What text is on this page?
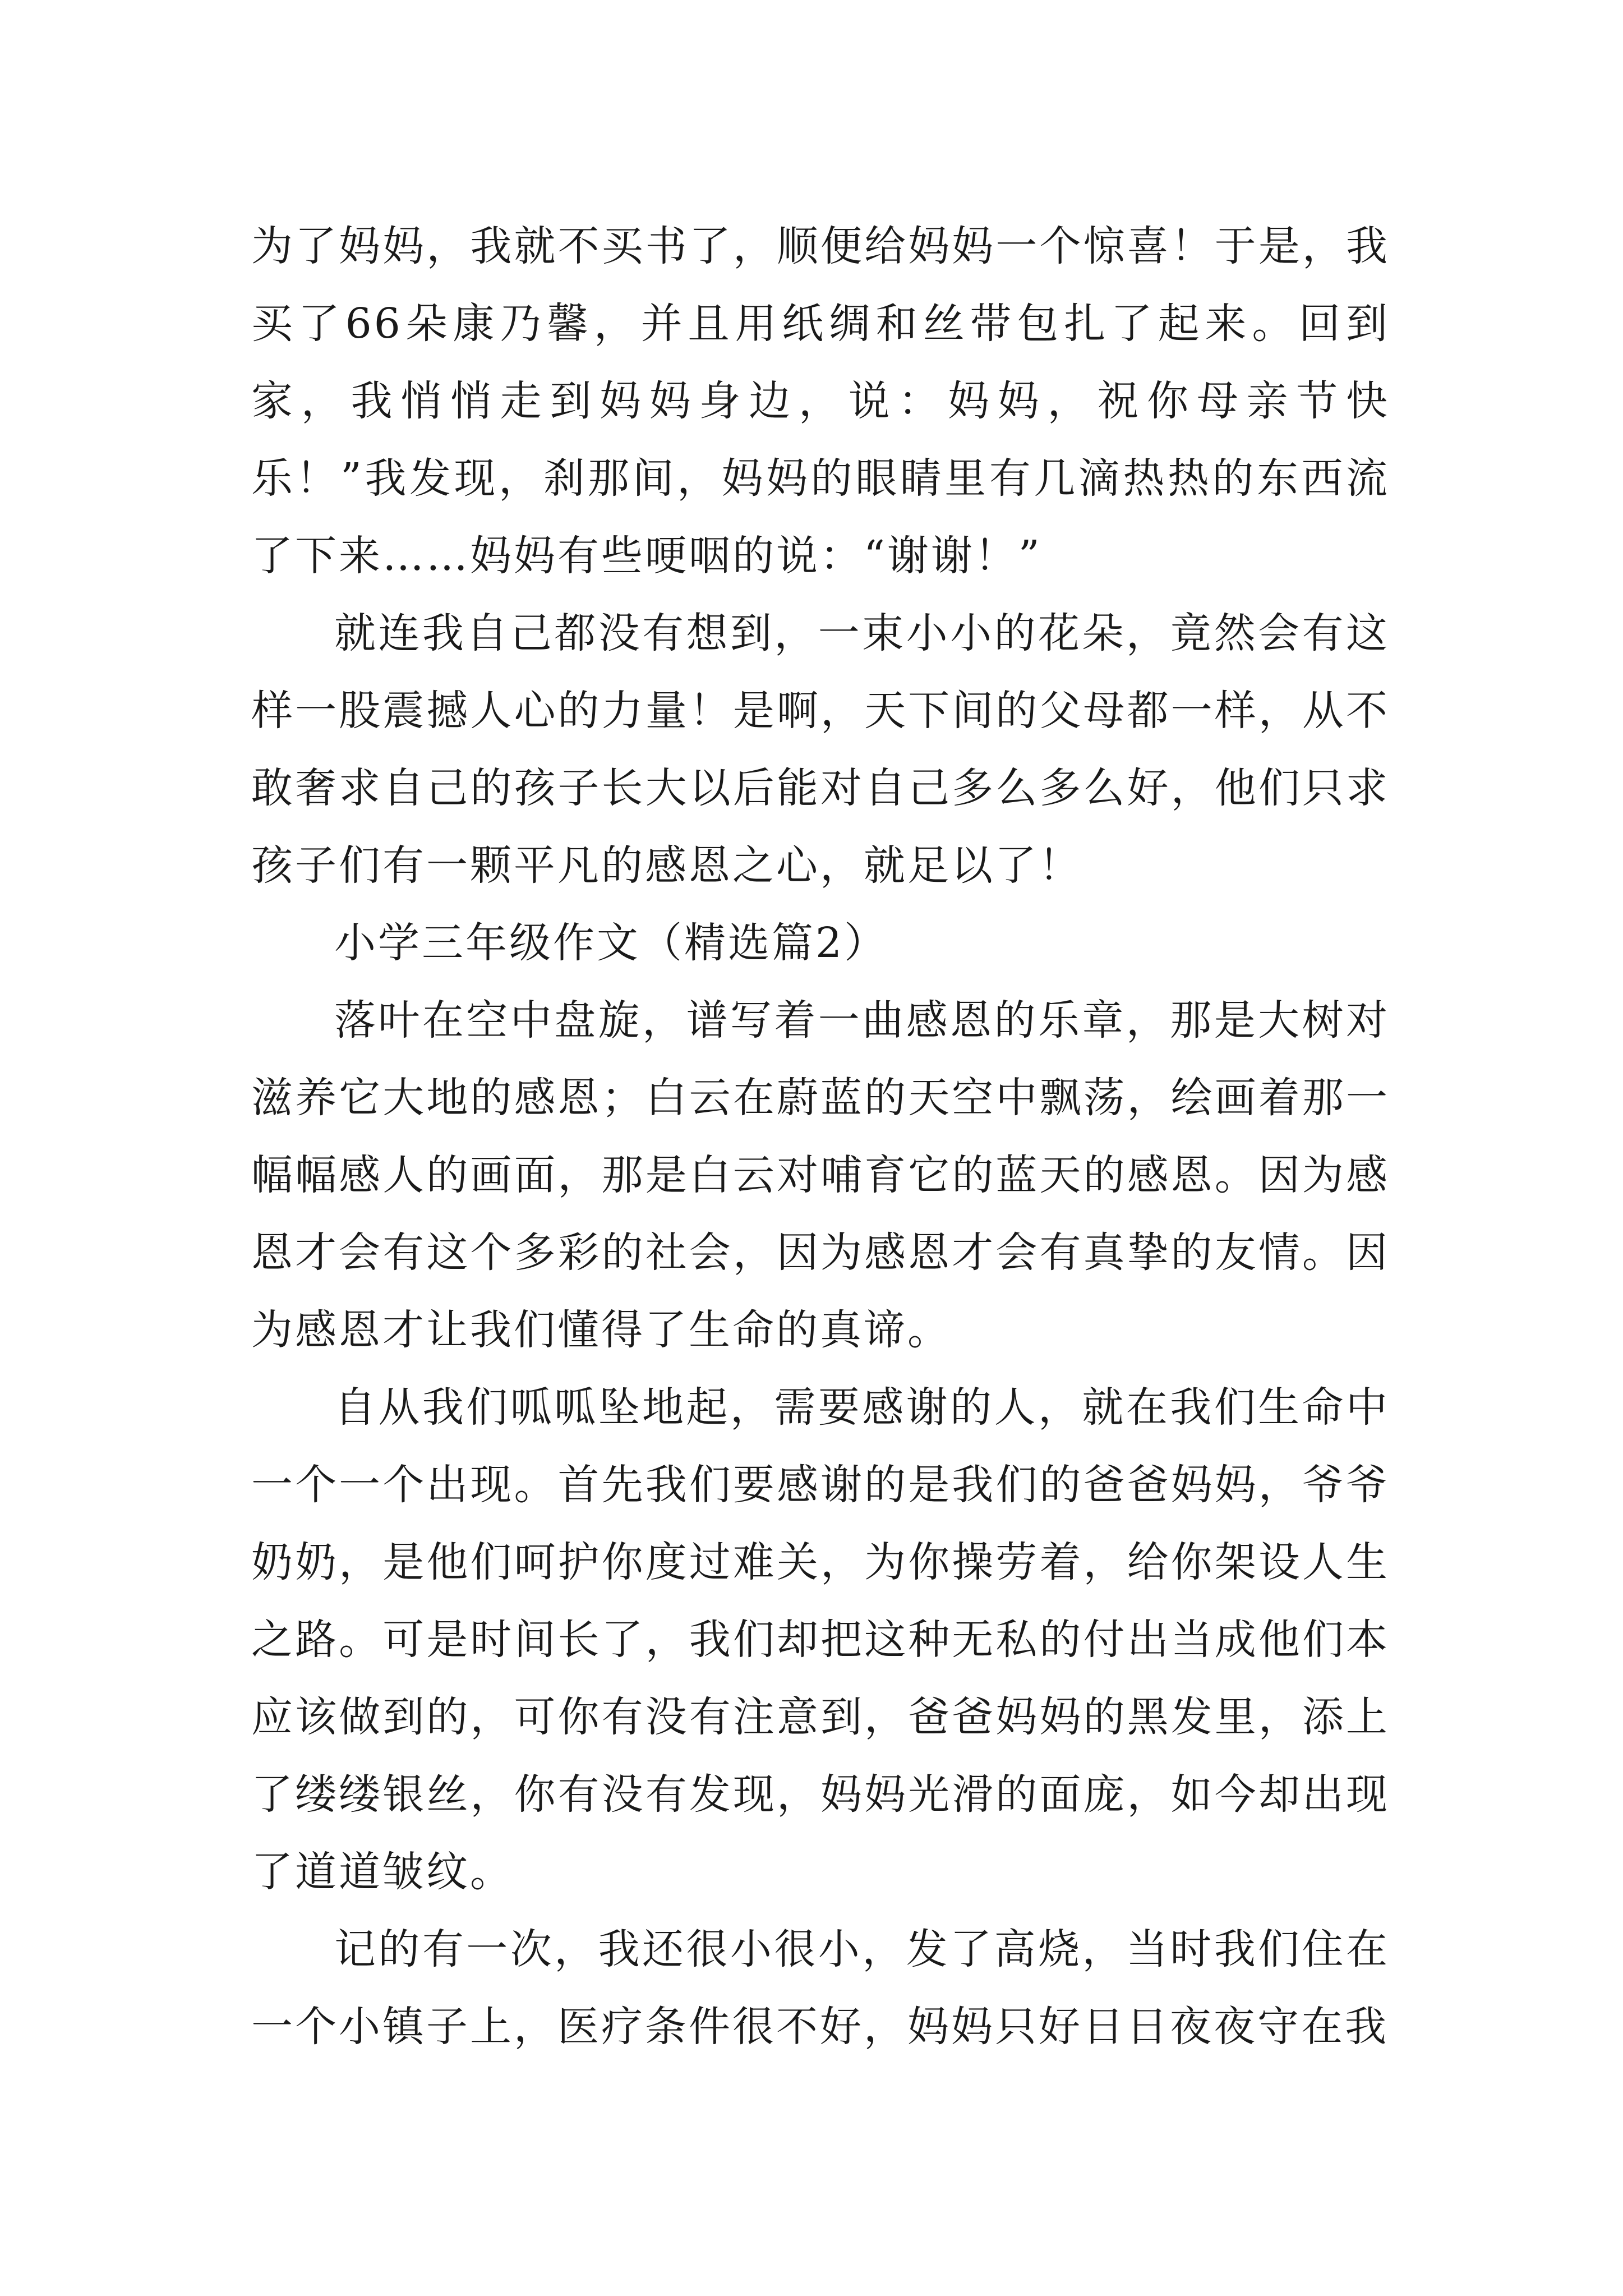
为了妈妈，我就不买书了，顺便给妈妈一个惊喜！于是，我买了66朵康乃馨，并且用纸绸和丝带包扎了起来。回到家，我悄悄走到妈妈身边，说：妈妈，祝你母亲节快乐！”我发现，刹那间，妈妈的眼睛里有几滴热热的东西流了下来……妈妈有些哽咽的说：“谢谢！”

就连我自己都没有想到，一束小小的花朵，竟然会有这样一股震撼人心的力量！是啊，天下间的父母都一样，从不敢奢求自己的孩子长大以后能对自己多么多么好，他们只求孩子们有一颗平凡的感恩之心，就足以了！

小学三年级作文（精选篇2）

落叶在空中盘旋，谱写着一曲感恩的乐章，那是大树对滋养它大地的感恩；白云在蔚蓝的天空中飘荡，绘画着那一幅幅感人的画面，那是白云对哺育它的蓝天的感恩。因为感恩才会有这个多彩的社会，因为感恩才会有真挚的友情。因为感恩才让我们懂得了生命的真谛。

自从我们呱呱坠地起，需要感谢的人，就在我们生命中一个一个出现。首先我们要感谢的是我们的爸爸妈妈，爷爷奶奶，是他们呵护你度过难关，为你操劳着，给你架设人生之路。可是时间长了，我们却把这种无私的付出当成他们本应该做到的，可你有没有注意到，爸爸妈妈的黑发里，添上了缕缕银丝，你有没有发现，妈妈光滑的面庞，如今却出现了道道皱纹。

记的有一次，我还很小很小，发了高烧，当时我们住在一个小镇子上，医疗条件很不好，妈妈只好日日夜夜守在我
